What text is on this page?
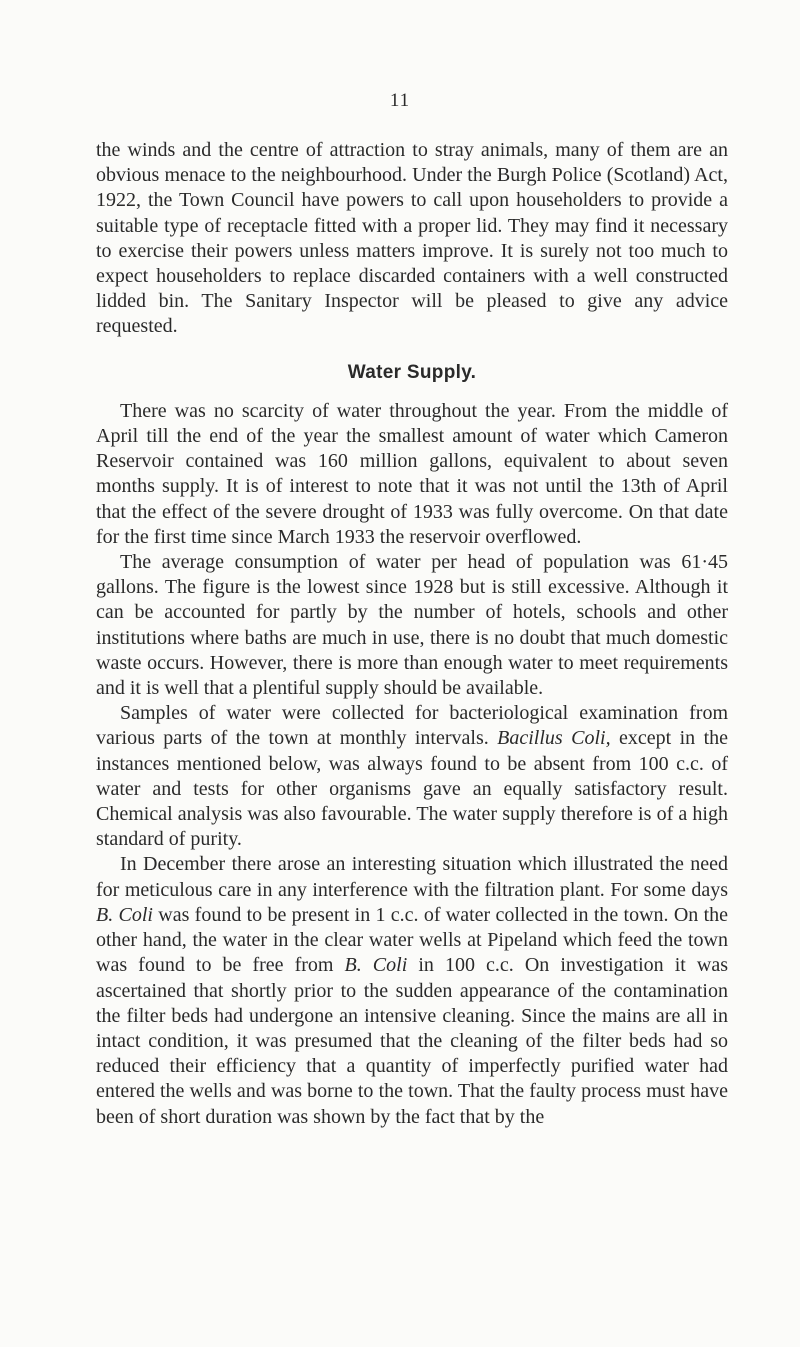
11

the winds and the centre of attraction to stray animals, many of them are an obvious menace to the neighbourhood. Under the Burgh Police (Scotland) Act, 1922, the Town Council have powers to call upon householders to provide a suitable type of receptacle fitted with a proper lid. They may find it necessary to exercise their powers unless matters improve. It is surely not too much to expect householders to replace discarded containers with a well constructed lidded bin. The Sanitary Inspector will be pleased to give any advice requested.

Water Supply.

There was no scarcity of water throughout the year. From the middle of April till the end of the year the smallest amount of water which Cameron Reservoir contained was 160 million gallons, equivalent to about seven months supply. It is of interest to note that it was not until the 13th of April that the effect of the severe drought of 1933 was fully overcome. On that date for the first time since March 1933 the reservoir overflowed.

The average consumption of water per head of population was 61·45 gallons. The figure is the lowest since 1928 but is still excessive. Although it can be accounted for partly by the number of hotels, schools and other institutions where baths are much in use, there is no doubt that much domestic waste occurs. However, there is more than enough water to meet requirements and it is well that a plentiful supply should be available.

Samples of water were collected for bacteriological examination from various parts of the town at monthly intervals. Bacillus Coli, except in the instances mentioned below, was always found to be absent from 100 c.c. of water and tests for other organisms gave an equally satisfactory result. Chemical analysis was also favourable. The water supply therefore is of a high standard of purity.

In December there arose an interesting situation which illustrated the need for meticulous care in any interference with the filtration plant. For some days B. Coli was found to be present in 1 c.c. of water collected in the town. On the other hand, the water in the clear water wells at Pipeland which feed the town was found to be free from B. Coli in 100 c.c. On investigation it was ascertained that shortly prior to the sudden appearance of the contamination the filter beds had undergone an intensive cleaning. Since the mains are all in intact condition, it was presumed that the cleaning of the filter beds had so reduced their efficiency that a quantity of imperfectly purified water had entered the wells and was borne to the town. That the faulty process must have been of short duration was shown by the fact that by the
